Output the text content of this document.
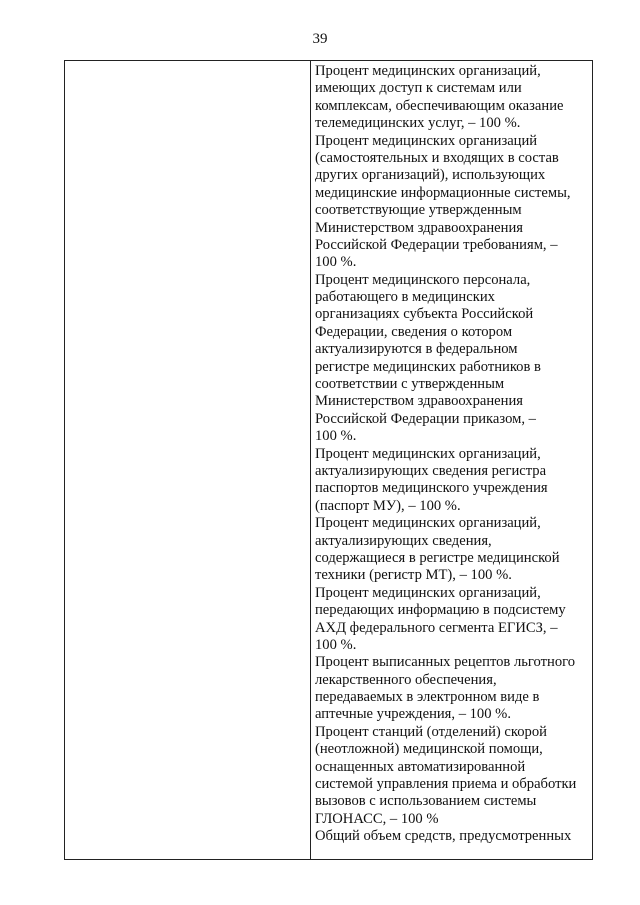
39
Процент медицинских организаций,
имеющих доступ к системам или
комплексам, обеспечивающим оказание
телемедицинских услуг, – 100 %.
Процент медицинских организаций
(самостоятельных и входящих в состав
других организаций), использующих
медицинские информационные системы,
соответствующие утвержденным
Министерством здравоохранения
Российской Федерации требованиям, –
100 %.
Процент медицинского персонала,
работающего в медицинских
организациях субъекта Российской
Федерации, сведения о котором
актуализируются в федеральном
регистре медицинских работников в
соответствии с утвержденным
Министерством здравоохранения
Российской Федерации приказом, –
100 %.
Процент медицинских организаций,
актуализирующих сведения регистра
паспортов медицинского учреждения
(паспорт МУ), – 100 %.
Процент медицинских организаций,
актуализирующих сведения,
содержащиеся в регистре медицинской
техники (регистр МТ), – 100 %.
Процент медицинских организаций,
передающих информацию в подсистему
АХД федерального сегмента ЕГИСЗ, –
100 %.
Процент выписанных рецептов льготного
лекарственного обеспечения,
передаваемых в электронном виде в
аптечные учреждения, – 100 %.
Процент станций (отделений) скорой
(неотложной) медицинской помощи,
оснащенных автоматизированной
системой управления приема и обработки
вызовов с использованием системы
ГЛОНАСС, – 100 %
Общий объем средств, предусмотренных
